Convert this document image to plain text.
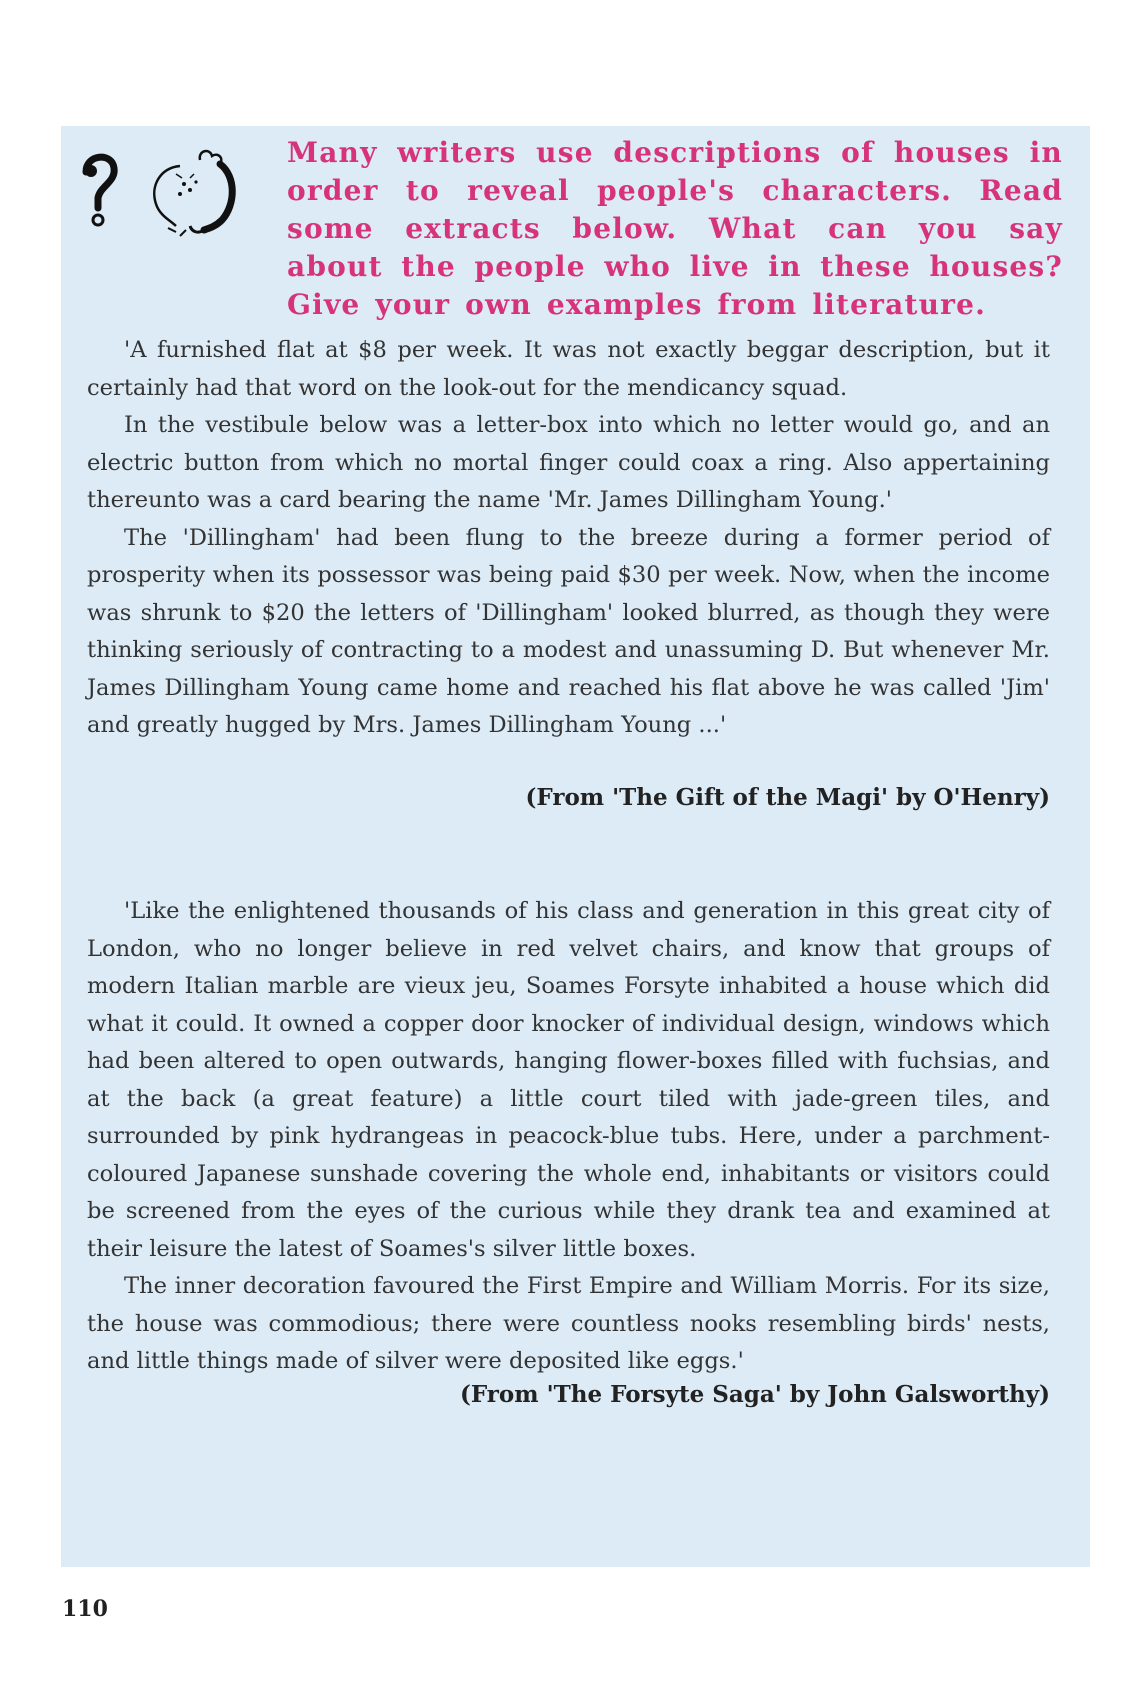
Many writers use descriptions of houses in order to reveal people's characters. Read some extracts below. What can you say about the people who live in these houses? Give your own examples from literature.

'A furnished flat at $8 per week. It was not exactly beggar description, but it certainly had that word on the look-out for the mendicancy squad.

In the vestibule below was a letter-box into which no letter would go, and an electric button from which no mortal finger could coax a ring. Also appertaining thereunto was a card bearing the name 'Mr. James Dillingham Young.'

The 'Dillingham' had been flung to the breeze during a former period of prosperity when its possessor was being paid $30 per week. Now, when the income was shrunk to $20 the letters of 'Dillingham' looked blurred, as though they were thinking seriously of contracting to a modest and unassuming D. But whenever Mr. James Dillingham Young came home and reached his flat above he was called 'Jim' and greatly hugged by Mrs. James Dillingham Young ...'

(From 'The Gift of the Magi' by O'Henry)

'Like the enlightened thousands of his class and generation in this great city of London, who no longer believe in red velvet chairs, and know that groups of modern Italian marble are vieux jeu, Soames Forsyte inhabited a house which did what it could. It owned a copper door knocker of individual design, windows which had been altered to open outwards, hanging flower-boxes filled with fuchsias, and at the back (a great feature) a little court tiled with jade-green tiles, and surrounded by pink hydrangeas in peacock-blue tubs. Here, under a parchment-coloured Japanese sunshade covering the whole end, inhabitants or visitors could be screened from the eyes of the curious while they drank tea and examined at their leisure the latest of Soames's silver little boxes.

The inner decoration favoured the First Empire and William Morris. For its size, the house was commodious; there were countless nooks resembling birds' nests, and little things made of silver were deposited like eggs.'

(From 'The Forsyte Saga' by John Galsworthy)

110
